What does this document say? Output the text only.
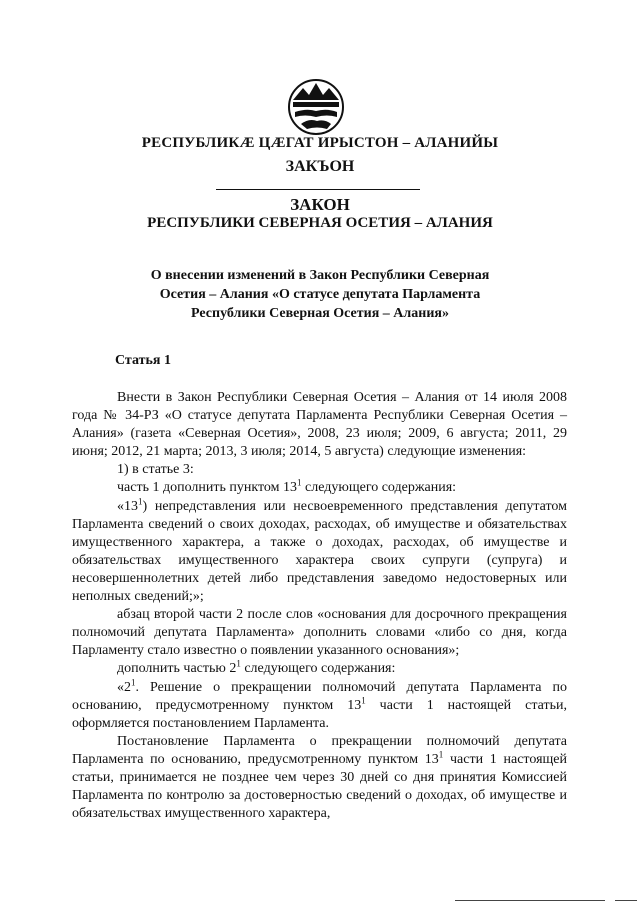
РЕСПУБЛИКÆ ЦÆГАТ ИРЫСТОН – АЛАНИЙЫ
ЗАКЪОН
ЗАКОН
РЕСПУБЛИКИ СЕВЕРНАЯ ОСЕТИЯ – АЛАНИЯ
О внесении изменений в Закон Республики Северная
Осетия – Алания «О статусе депутата Парламента
Республики Северная Осетия – Алания»
Статья 1

Внести в Закон Республики Северная Осетия – Алания от 14 июля 2008 года № 34-РЗ «О статусе депутата Парламента Республики Северная Осетия – Алания» (газета «Северная Осетия», 2008, 23 июля; 2009, 6 августа; 2011, 29 июня; 2012, 21 марта; 2013, 3 июля; 2014, 5 августа) следующие изменения:

1) в статье 3:

часть 1 дополнить пунктом $13^1$ следующего содержания:

«$13^1$) непредставления или несвоевременного представления депутатом Парламента сведений о своих доходах, расходах, об имуществе и обязательствах имущественного характера, а также о доходах, расходах, об имуществе и обязательствах имущественного характера своих супруги (супруга) и несовершеннолетних детей либо представления заведомо недостоверных или неполных сведений;»;

абзац второй части 2 после слов «основания для досрочного прекращения полномочий депутата Парламента» дополнить словами «либо со дня, когда Парламенту стало известно о появлении указанного основания»;

дополнить частью $2^1$ следующего содержания:

«$2^1$. Решение о прекращении полномочий депутата Парламента по основанию, предусмотренному пунктом $13^1$ части 1 настоящей статьи, оформляется постановлением Парламента.

Постановление Парламента о прекращении полномочий депутата Парламента по основанию, предусмотренному пунктом $13^1$ части 1 настоящей статьи, принимается не позднее чем через 30 дней со дня принятия Комиссией Парламента по контролю за достоверностью сведений о доходах, об имуществе и обязательствах имущественного характера,
